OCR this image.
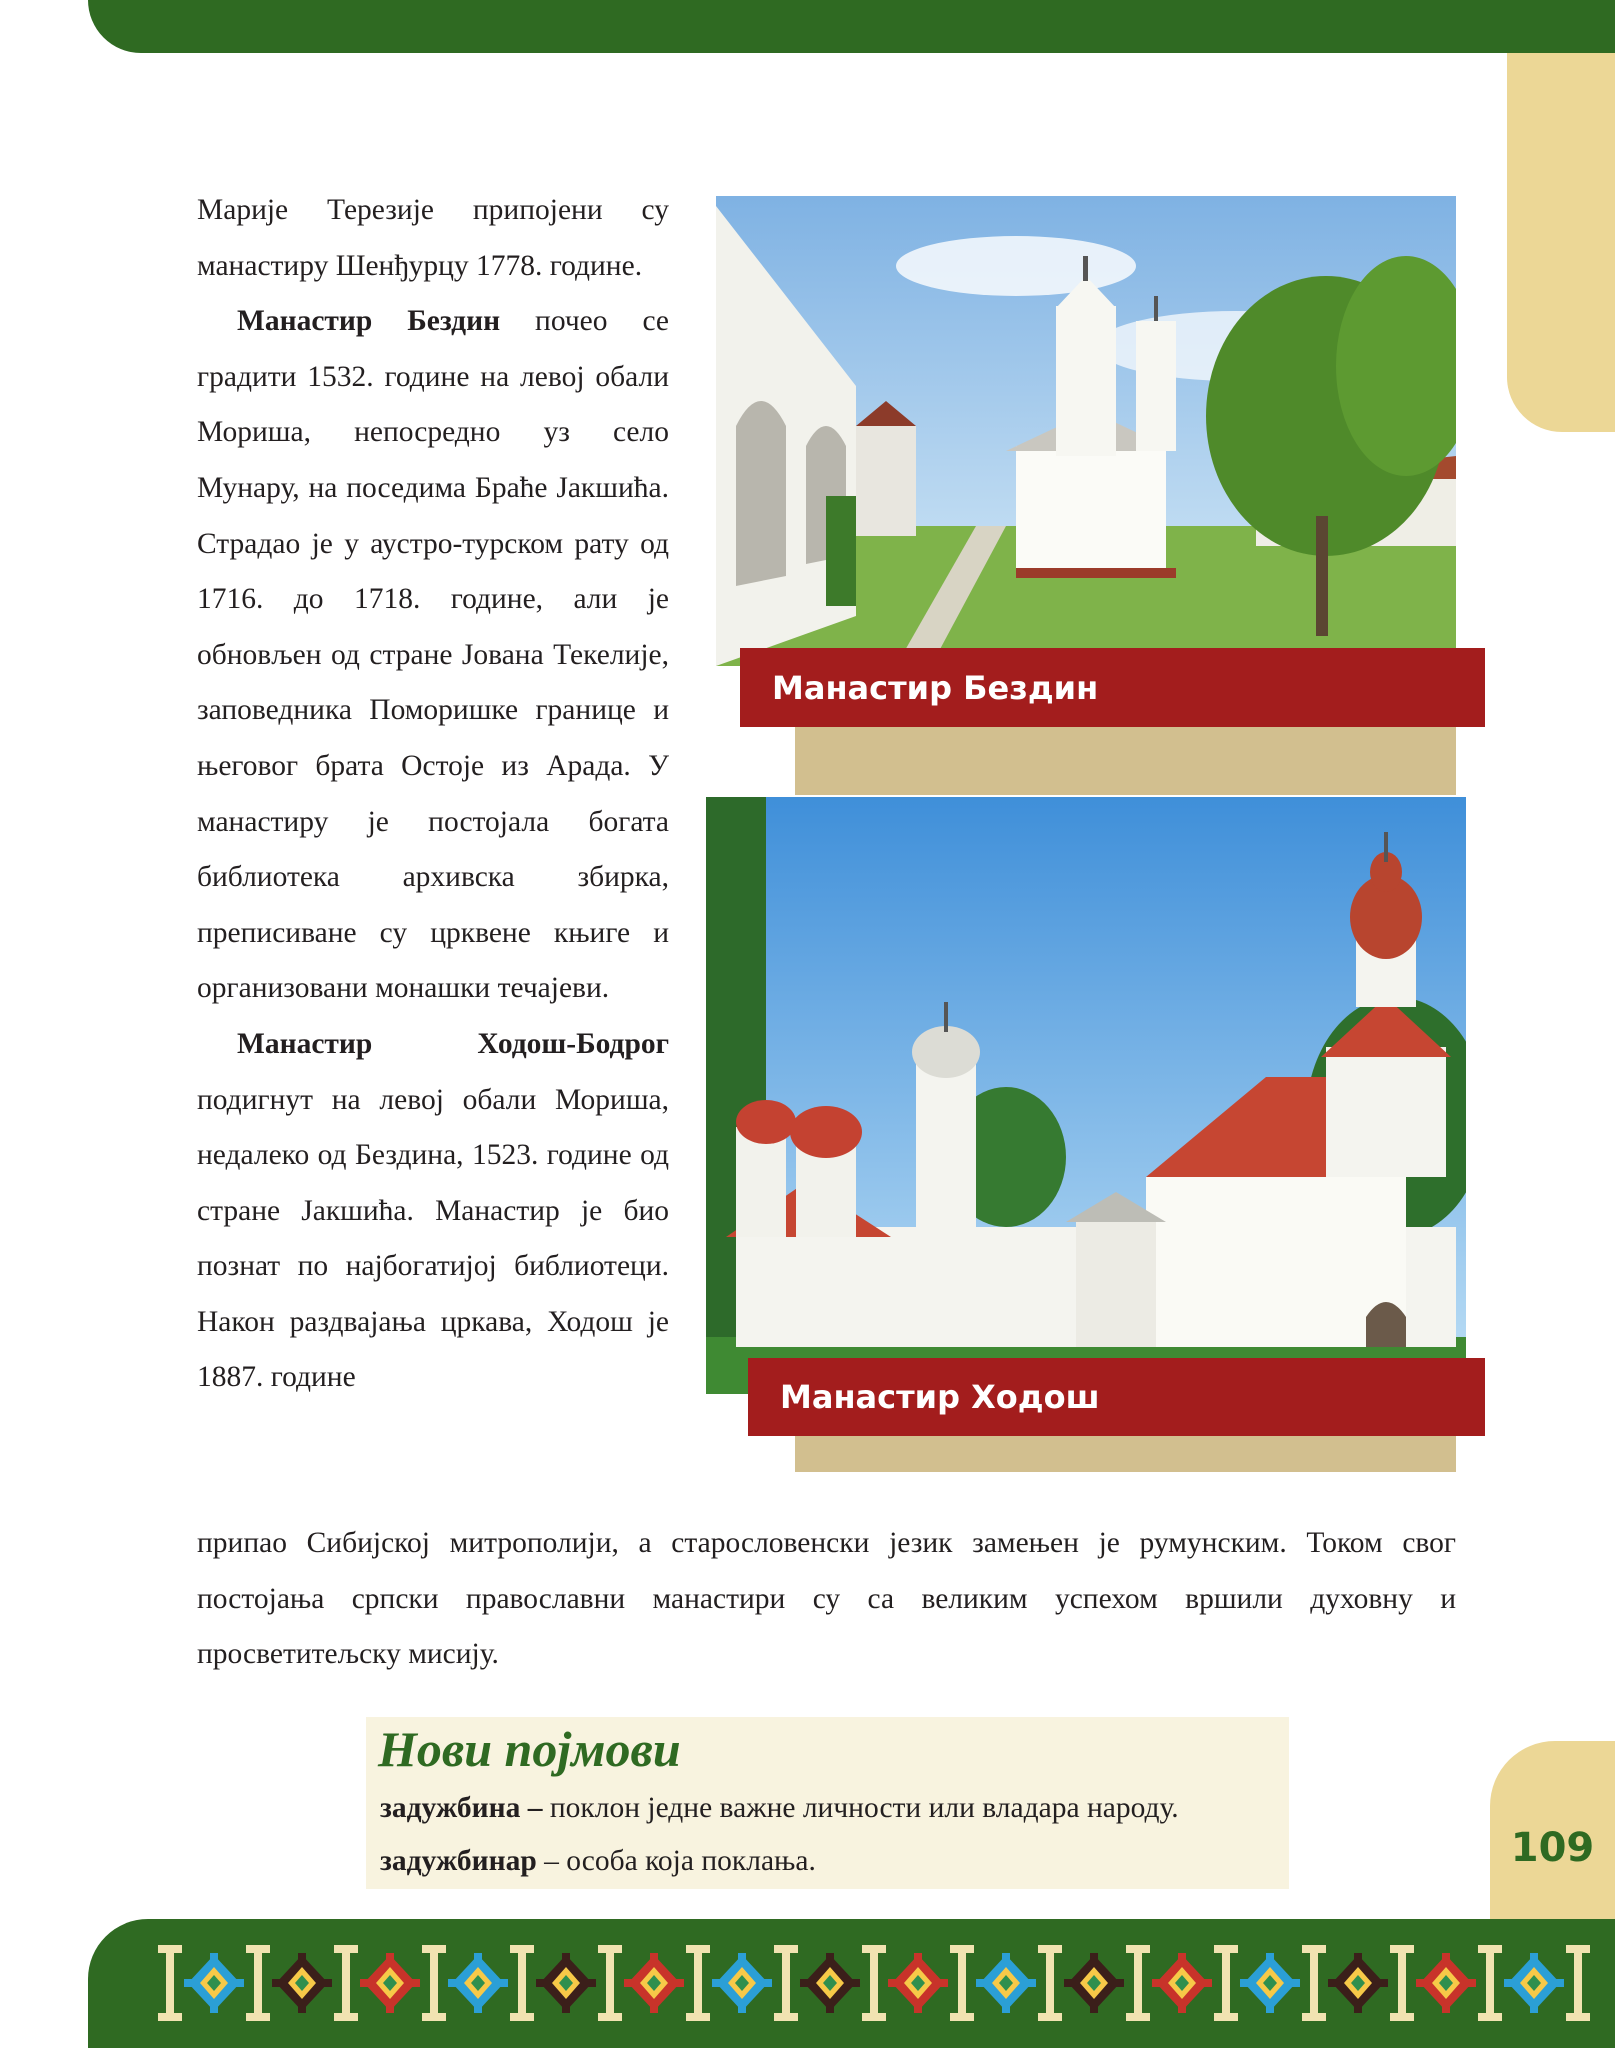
Марије Терезије припојени су манастиру Шенђурцу 1778. године.

Манастир Бездин почео се градити 1532. године на левој обали Мориша, непосредно уз село Мунару, на поседима Браће Јакшића. Страдао је у аустро-турском рату од 1716. до 1718. године, али је обновљен од стране Јована Текелије, заповедника Поморишке границе и његовог брата Остоје из Арада. У манастиру је постојала богата библиотека архивска збирка, преписиване су црквене књиге и организовани монашки течајеви.

Манастир Ходош-Бодрог подигнут на левој обали Мориша, недалеко од Бездина, 1523. године од стране Јакшића. Манастир је био познат по најбогатијој библиотеци. Након раздвајања цркава, Ходош је 1887. године

припао Сибијској митрополији, а старословенски језик замењен је румунским. Током свог постојања српски православни манастири су са великим успехом вршили духовну и просветитељску мисију.

Манастир Бездин
Манастир Ходош
Нови појмови
задужбина – поклон једне важне личности или владара народу.
задужбинар – особа која поклања.	109
